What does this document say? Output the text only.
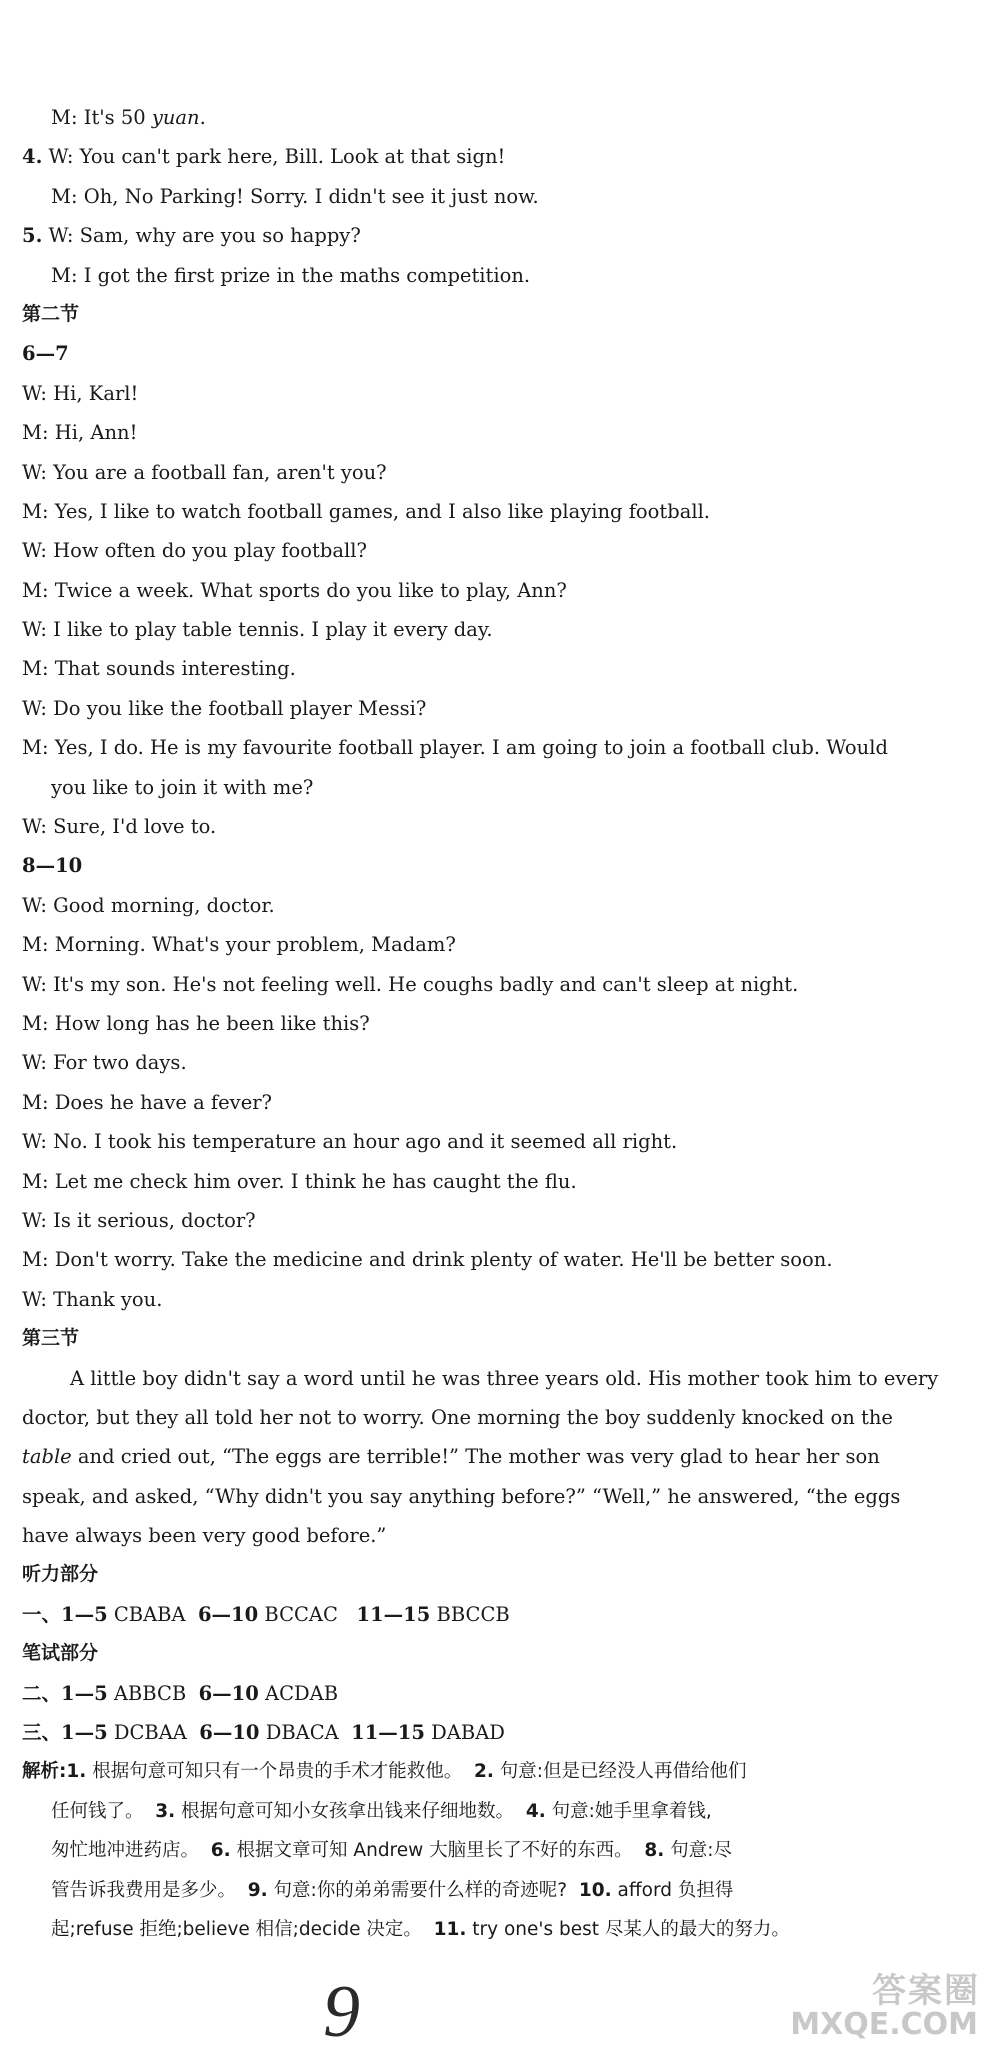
M: It's 50 yuan.
4. W: You can't park here, Bill. Look at that sign!
M: Oh, No Parking! Sorry. I didn't see it just now.
5. W: Sam, why are you so happy?
M: I got the first prize in the maths competition.
第二节
6—7
W: Hi, Karl!
M: Hi, Ann!
W: You are a football fan, aren't you?
M: Yes, I like to watch football games, and I also like playing football.
W: How often do you play football?
M: Twice a week. What sports do you like to play, Ann?
W: I like to play table tennis. I play it every day.
M: That sounds interesting.
W: Do you like the football player Messi?
M: Yes, I do. He is my favourite football player. I am going to join a football club. Would
you like to join it with me?
W: Sure, I'd love to.
8—10
W: Good morning, doctor.
M: Morning. What's your problem, Madam?
W: It's my son. He's not feeling well. He coughs badly and can't sleep at night.
M: How long has he been like this?
W: For two days.
M: Does he have a fever?
W: No. I took his temperature an hour ago and it seemed all right.
M: Let me check him over. I think he has caught the flu.
W: Is it serious, doctor?
M: Don't worry. Take the medicine and drink plenty of water. He'll be better soon.
W: Thank you.
第三节
A little boy didn't say a word until he was three years old. His mother took him to every
doctor, but they all told her not to worry. One morning the boy suddenly knocked on the
table and cried out, “The eggs are terrible!” The mother was very glad to hear her son
speak, and asked, “Why didn't you say anything before?” “Well,” he answered, “the eggs
have always been very good before.”
听力部分
一、1—5 CBABA  6—10 BCCAC   11—15 BBCCB
笔试部分
二、1—5 ABBCB  6—10 ACDAB
三、1—5 DCBAA  6—10 DBACA  11—15 DABAD
解析:1. 根据句意可知只有一个昂贵的手术才能救他。  2. 句意:但是已经没人再借给他们
任何钱了。  3. 根据句意可知小女孩拿出钱来仔细地数。  4. 句意:她手里拿着钱,
匆忙地冲进药店。  6. 根据文章可知 Andrew 大脑里长了不好的东西。  8. 句意:尽
管告诉我费用是多少。  9. 句意:你的弟弟需要什么样的奇迹呢?  10. afford 负担得
起;refuse 拒绝;believe 相信;decide 决定。  11. try one's best 尽某人的最大的努力。
9	答案圈
MXQE.COM
